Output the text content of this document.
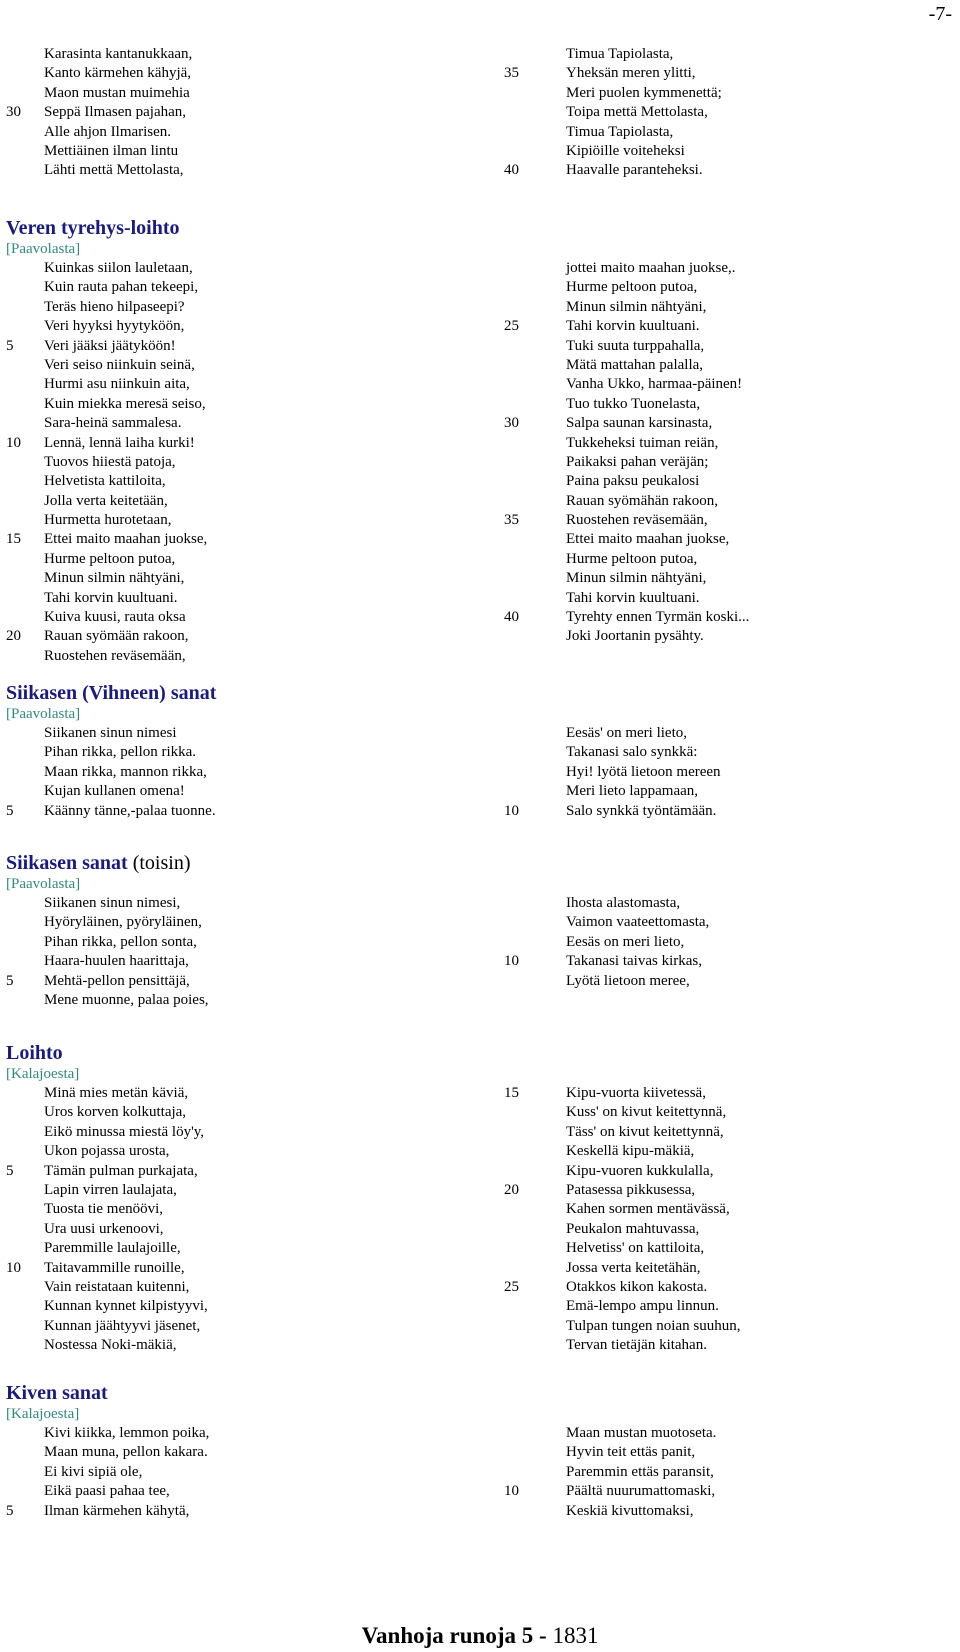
-7-
Karasinta kantanukkaan,
Kanto kärmehen kähyjä,
Maon mustan muimehia
30	Seppä Ilmasen pajahan,
Alle ahjon Ilmarisen.
Mettiäinen ilman lintu
Lähti mettä Mettolasta,
Timua Tapiolasta,
35	Yheksän meren ylitti,
Meri puolen kymmenettä;
Toipa mettä Mettolasta,
Timua Tapiolasta,
Kipiöille voiteheksi
40	Haavalle paranteheksi.
Veren tyrehys-loihto
[Paavolasta]
Kuinkas siilon lauletaan,
Kuin rauta pahan tekeepi,
Teräs hieno hilpaseepi?
Veri hyyksi hyytyköön,
5	Veri jääksi jäätyköön!
Veri seiso niinkuin seinä,
Hurmi asu niinkuin aita,
Kuin miekka meresä seiso,
Sara-heinä sammalesa.
10	Lennä, lennä laiha kurki!
Tuovos hiiestä patoja,
Helvetista kattiloita,
Jolla verta keitetään,
Hurmetta hurotetaan,
15	Ettei maito maahan juokse,
Hurme peltoon putoa,
Minun silmin nähtyäni,
Tahi korvin kuultuani.
Kuiva kuusi, rauta oksa
20	Rauan syömään rakoon,
Ruostehen reväsemään,
jottei maito maahan juokse,.
Hurme peltoon putoa,
Minun silmin nähtyäni,
25	Tahi korvin kuultuani.
Tuki suuta turppahalla,
Mätä mattahan palalla,
Vanha Ukko, harmaa-päinen!
Tuo tukko Tuonelasta,
30	Salpa saunan karsinasta,
Tukkeheksi tuiman reiän,
Paikaksi pahan veräjän;
Paina paksu peukalosi
Rauan syömähän rakoon,
35	Ruostehen reväsemään,
Ettei maito maahan juokse,
Hurme peltoon putoa,
Minun silmin nähtyäni,
Tahi korvin kuultuani.
40	Tyrehty ennen Tyrmän koski...
Joki Joortanin pysähty.
Siikasen (Vihneen) sanat
[Paavolasta]
Siikanen sinun nimesi
Pihan rikka, pellon rikka.
Maan rikka, mannon rikka,
Kujan kullanen omena!
5	Käänny tänne,-palaa tuonne.
Eesäs' on meri lieto,
Takanasi salo synkkä:
Hyi! lyötä lietoon mereen
Meri lieto lappamaan,
10	Salo synkkä työntämään.
Siikasen sanat (toisin)
[Paavolasta]
Siikanen sinun nimesi,
Hyöryläinen, pyöryläinen,
Pihan rikka, pellon sonta,
Haara-huulen haarittaja,
5	Mehtä-pellon pensittäjä,
Mene muonne, palaa poies,
Ihosta alastomasta,
Vaimon vaateettomasta,
Eesäs on meri lieto,
10	Takanasi taivas kirkas,
Lyötä lietoon meree,
Loihto
[Kalajoesta]
Minä mies metän käviä,
Uros korven kolkuttaja,
Eikö minussa miestä löy'y,
Ukon pojassa urosta,
5	Tämän pulman purkajata,
Lapin virren laulajata,
Tuosta tie menöövi,
Ura uusi urkenoovi,
Paremmille laulajoille,
10	Taitavammille runoille,
Vain reistataan kuitenni,
Kunnan kynnet kilpistyyvi,
Kunnan jäähtyyvi jäsenet,
Nostessa Noki-mäkiä,
15	Kipu-vuorta kiivetessä,
Kuss' on kivut keitettynnä,
Täss' on kivut keitettynnä,
Keskellä kipu-mäkiä,
Kipu-vuoren kukkulalla,
20	Patasessa pikkusessa,
Kahen sormen mentävässä,
Peukalon mahtuvassa,
Helvetiss' on kattiloita,
Jossa verta keitetähän,
25	Otakkos kikon kakosta.
Emä-lempo ampu linnun.
Tulpan tungen noian suuhun,
Tervan tietäjän kitahan.
Kiven sanat
[Kalajoesta]
Kivi kiikka, lemmon poika,
Maan muna, pellon kakara.
Ei kivi sipiä ole,
Eikä paasi pahaa tee,
5	Ilman kärmehen kähytä,
Maan mustan muotoseta.
Hyvin teit ettäs panit,
Paremmin ettäs paransit,
10	Päältä nuurumattomaski,
Keskiä kivuttomaksi,
Vanhoja runoja 5 - 1831
